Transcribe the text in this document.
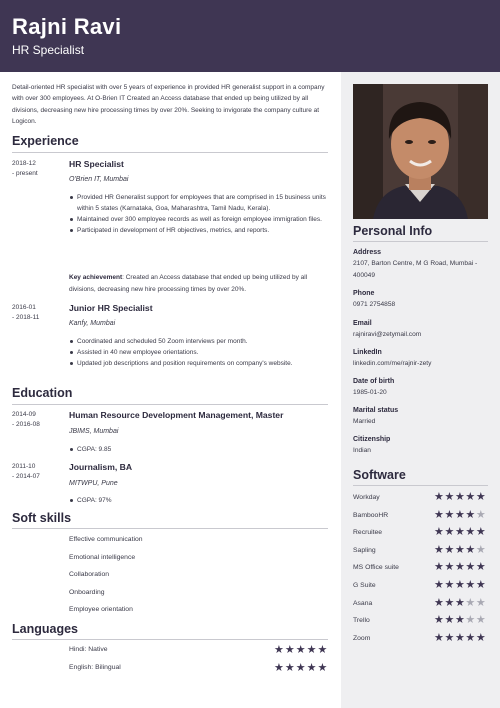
Rajni Ravi
HR Specialist
Detail-oriented HR specialist with over 5 years of experience in provided HR generalist support in a company with over 300 employees. At O-Brien IT Created an Access database that ended up being utilized by all divisions, decreasing new hire processing times by over 20%. Seeking to invigorate the company culture at Logicon.
Experience
2018-12
- present
HR Specialist
O'Brien IT, Mumbai
Provided HR Generalist support for employees that are comprised in 15 business units within 5 states (Karnataka, Goa, Maharashtra, Tamil Nadu, Kerala).
Maintained over 300 employee records as well as foreign employee immigration files.
Participated in development of HR objectives, metrics, and reports.
Key achievement: Created an Access database that ended up being utilized by all divisions, decreasing new hire processing times by over 20%.
2016-01
- 2018-11
Junior HR Specialist
Kanfy, Mumbai
Coordinated and scheduled 50 Zoom interviews per month.
Assisted in 40 new employee orientations.
Updated job descriptions and position requirements on company's website.
Education
2014-09
- 2016-08
Human Resource Development Management, Master
JBIMS, Mumbai
CGPA: 9.85
2011-10
- 2014-07
Journalism, BA
MITWPU, Pune
CGPA: 97%
Soft skills
Effective communication
Emotional intelligence
Collaboration
Onboarding
Employee orientation
Languages
Hindi: Native	★★★★★
English: Bilingual	★★★★★
Personal Info
Address
2107, Barton Centre, M G Road, Mumbai - 400049
Phone
0971 2754858
Email
rajniravi@zetymail.com
LinkedIn
linkedin.com/me/rajnir-zety
Date of birth
1985-01-20
Marital status
Married
Citizenship
Indian
Software
Workday	★★★★★
BambooHR	★★★★★
Recruitee	★★★★★
Sapling	★★★★★
MS Office suite	★★★★★
G Suite	★★★★★
Asana	★★★★★
Trello	★★★★★
Zoom	★★★★★
